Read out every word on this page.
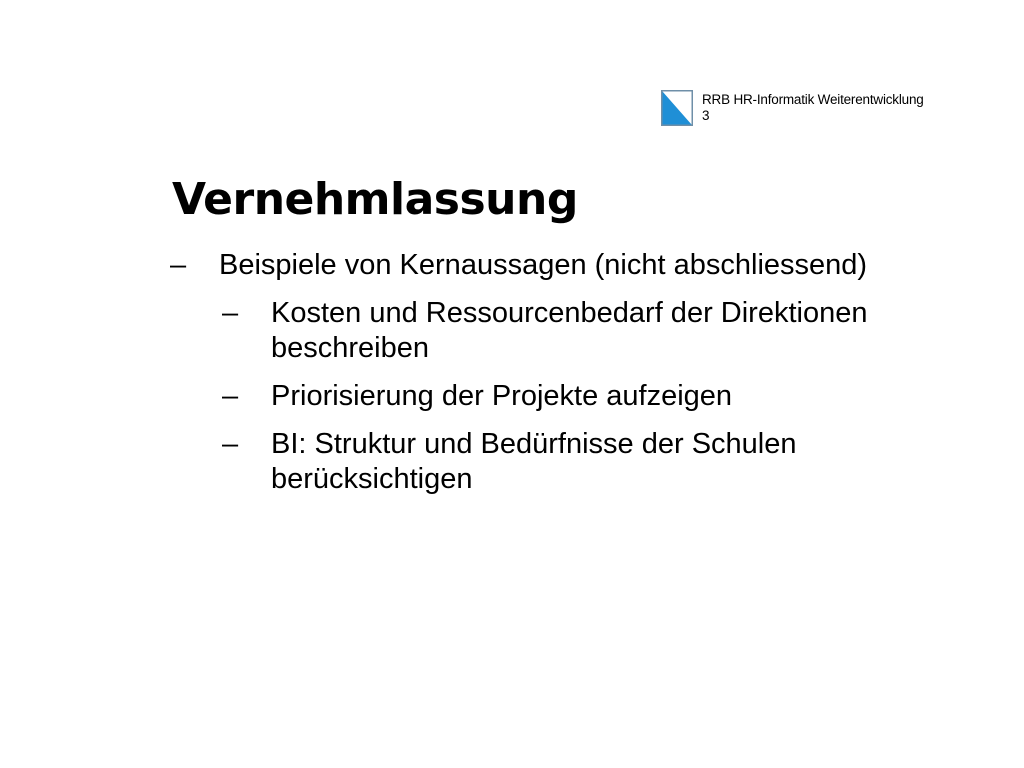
RRB HR-Informatik Weiterentwicklung
3
Vernehmlassung
– Beispiele von Kernaussagen (nicht abschliessend)
– Kosten und Ressourcenbedarf der Direktionen beschreiben
– Priorisierung der Projekte aufzeigen
– BI: Struktur und Bedürfnisse der Schulen berücksichtigen
